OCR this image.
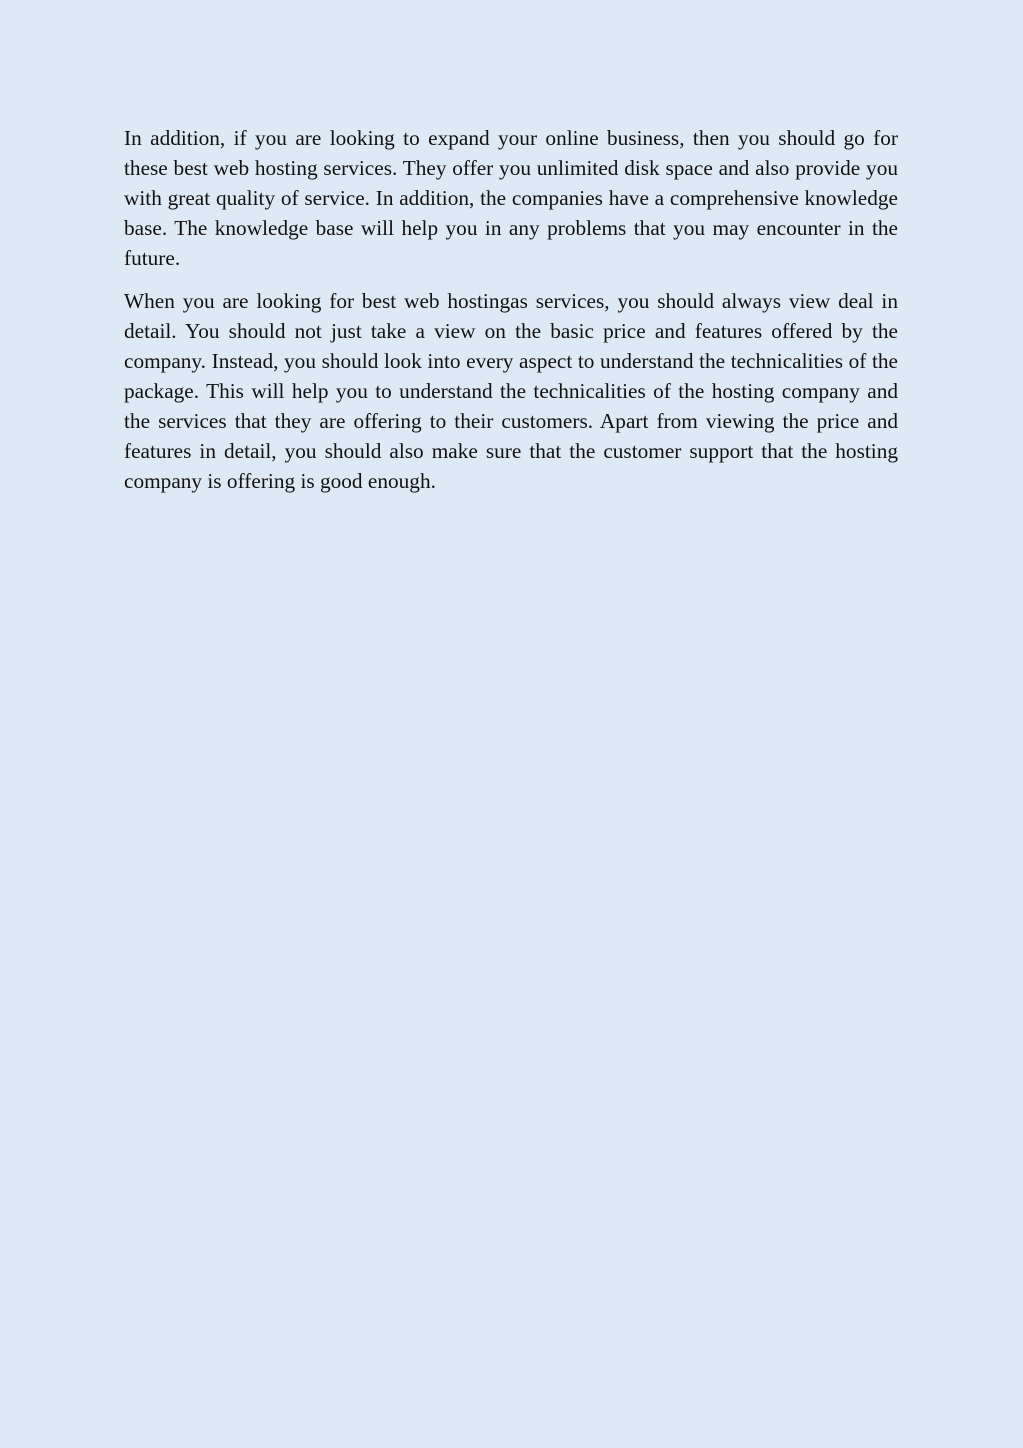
In addition, if you are looking to expand your online business, then you should go for these best web hosting services. They offer you unlimited disk space and also provide you with great quality of service. In addition, the companies have a comprehensive knowledge base. The knowledge base will help you in any problems that you may encounter in the future.

When you are looking for best web hostingas services, you should always view deal in detail. You should not just take a view on the basic price and features offered by the company. Instead, you should look into every aspect to understand the technicalities of the package. This will help you to understand the technicalities of the hosting company and the services that they are offering to their customers. Apart from viewing the price and features in detail, you should also make sure that the customer support that the hosting company is offering is good enough.
